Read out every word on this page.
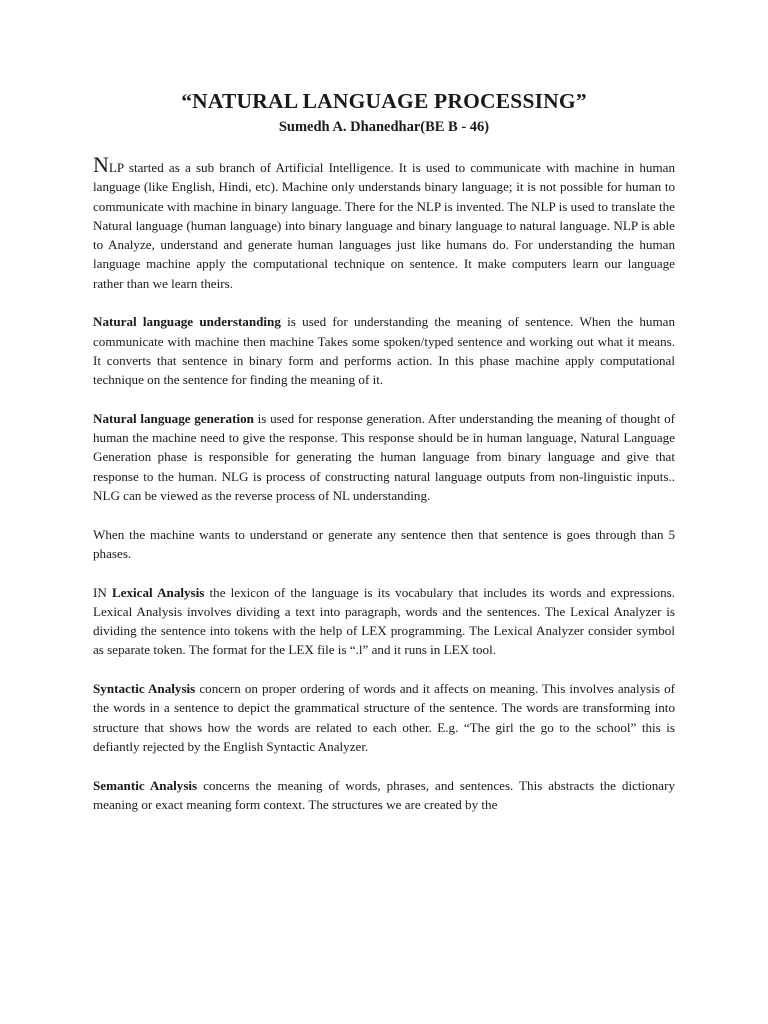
“NATURAL LANGUAGE PROCESSING”
Sumedh A. Dhanedhar(BE B - 46)

NLP started as a sub branch of Artificial Intelligence. It is used to communicate with machine in human language (like English, Hindi, etc). Machine only understands binary language; it is not possible for human to communicate with machine in binary language. There for the NLP is invented. The NLP is used to translate the Natural language (human language) into binary language and binary language to natural language. NLP is able to Analyze, understand and generate human languages just like humans do. For understanding the human language machine apply the computational technique on sentence. It make computers learn our language rather than we learn theirs.

Natural language understanding is used for understanding the meaning of sentence. When the human communicate with machine then machine Takes some spoken/typed sentence and working out what it means. It converts that sentence in binary form and performs action. In this phase machine apply computational technique on the sentence for finding the meaning of it.

Natural language generation is used for response generation. After understanding the meaning of thought of human the machine need to give the response. This response should be in human language, Natural Language Generation phase is responsible for generating the human language from binary language and give that response to the human. NLG is process of constructing natural language outputs from non-linguistic inputs.. NLG can be viewed as the reverse process of NL understanding.

When the machine wants to understand or generate any sentence then that sentence is goes through than 5 phases.

IN Lexical Analysis the lexicon of the language is its vocabulary that includes its words and expressions. Lexical Analysis involves dividing a text into paragraph, words and the sentences. The Lexical Analyzer is dividing the sentence into tokens with the help of LEX programming. The Lexical Analyzer consider symbol as separate token. The format for the LEX file is “.l” and it runs in LEX tool.

Syntactic Analysis concern on proper ordering of words and it affects on meaning. This involves analysis of the words in a sentence to depict the grammatical structure of the sentence. The words are transforming into structure that shows how the words are related to each other. E.g. “The girl the go to the school” this is defiantly rejected by the English Syntactic Analyzer.

Semantic Analysis concerns the meaning of words, phrases, and sentences. This abstracts the dictionary meaning or exact meaning form context. The structures we are created by the
